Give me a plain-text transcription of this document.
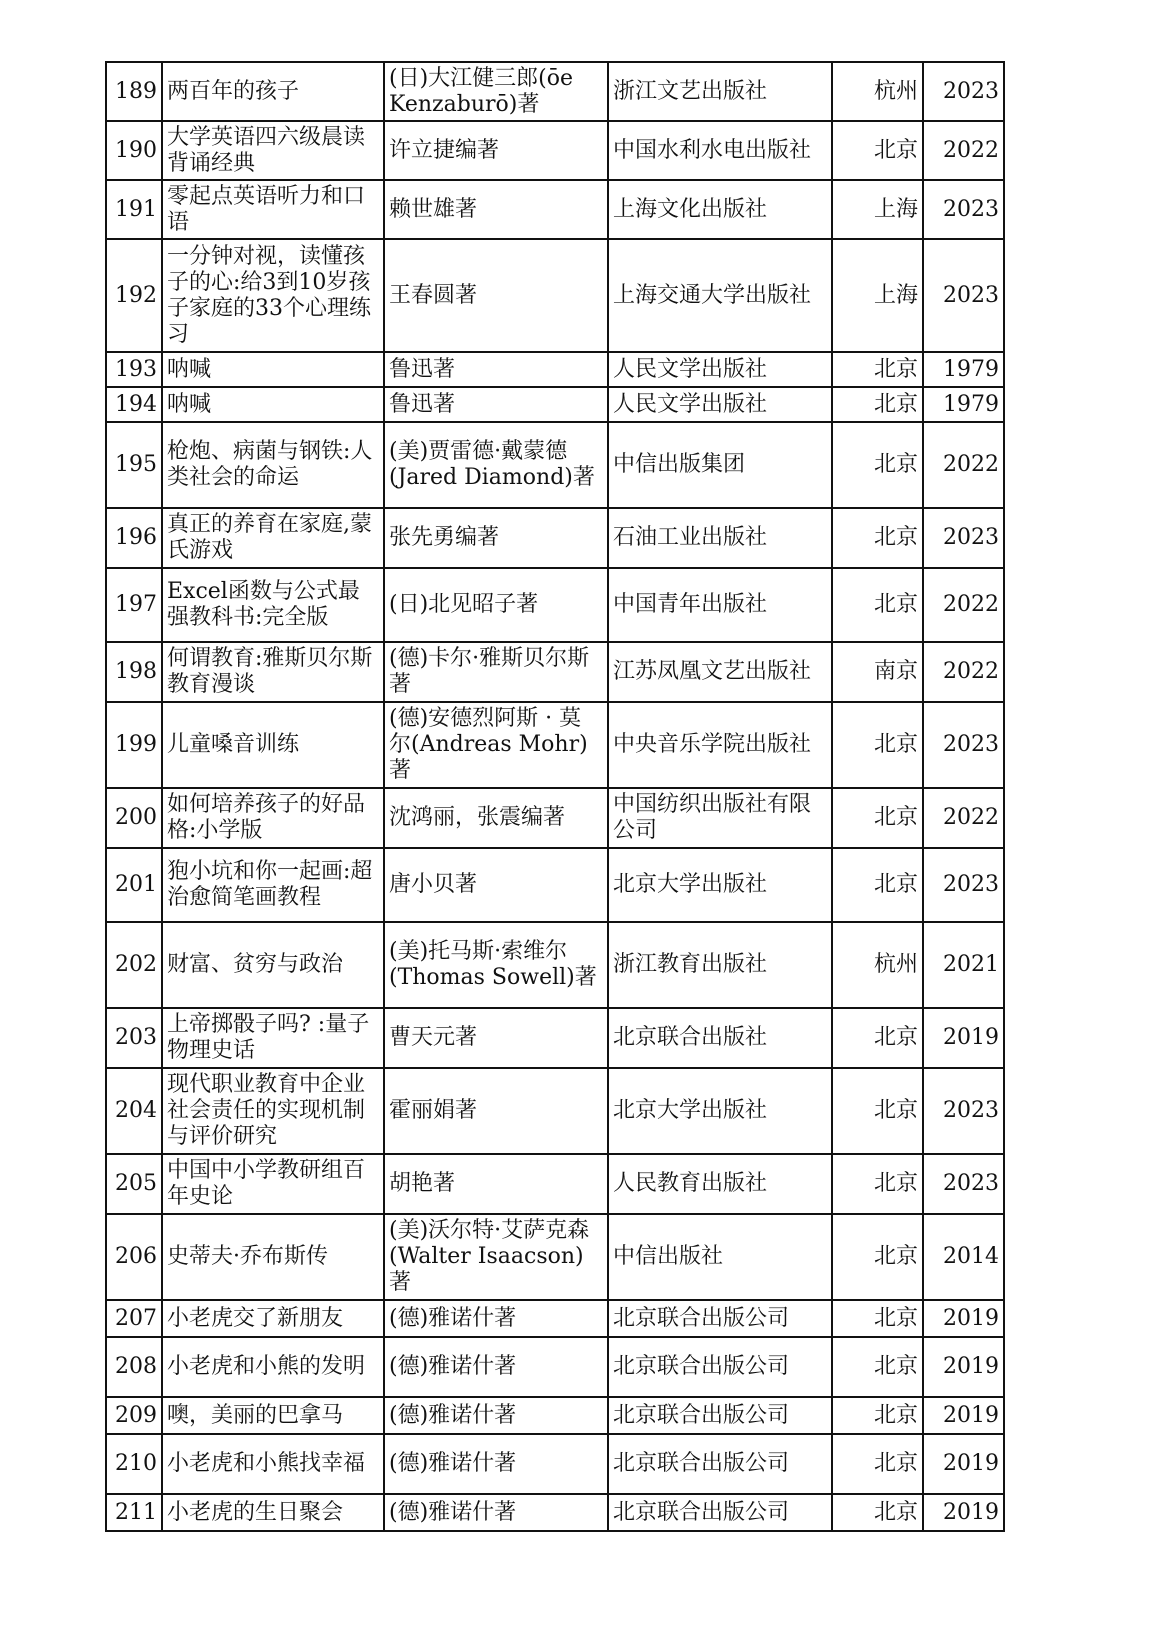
189	两百年的孩子	(日)大江健三郎(ōe Kenzaburō)著	浙江文艺出版社	杭州	2023
190	大学英语四六级晨读背诵经典	许立捷编著	中国水利水电出版社	北京	2022
191	零起点英语听力和口语	赖世雄著	上海文化出版社	上海	2023
192	一分钟对视，读懂孩子的心:给3到10岁孩子家庭的33个心理练习	王春圆著	上海交通大学出版社	上海	2023
193	呐喊	鲁迅著	人民文学出版社	北京	1979
194	呐喊	鲁迅著	人民文学出版社	北京	1979
195	枪炮、病菌与钢铁:人类社会的命运	(美)贾雷德·戴蒙德(Jared Diamond)著	中信出版集团	北京	2022
196	真正的养育在家庭,蒙氏游戏	张先勇编著	石油工业出版社	北京	2023
197	Excel函数与公式最强教科书:完全版	(日)北见昭子著	中国青年出版社	北京	2022
198	何谓教育:雅斯贝尔斯教育漫谈	(德)卡尔·雅斯贝尔斯著	江苏凤凰文艺出版社	南京	2022
199	儿童嗓音训练	(德)安德烈阿斯 · 莫尔(Andreas Mohr)著	中央音乐学院出版社	北京	2023
200	如何培养孩子的好品格:小学版	沈鸿丽，张震编著	中国纺织出版社有限公司	北京	2022
201	狍小坑和你一起画:超治愈简笔画教程	唐小贝著	北京大学出版社	北京	2023
202	财富、贫穷与政治	(美)托马斯·索维尔(Thomas Sowell)著	浙江教育出版社	杭州	2021
203	上帝掷骰子吗? :量子物理史话	曹天元著	北京联合出版社	北京	2019
204	现代职业教育中企业社会责任的实现机制与评价研究	霍丽娟著	北京大学出版社	北京	2023
205	中国中小学教研组百年史论	胡艳著	人民教育出版社	北京	2023
206	史蒂夫·乔布斯传	(美)沃尔特·艾萨克森(Walter Isaacson)著	中信出版社	北京	2014
207	小老虎交了新朋友	(德)雅诺什著	北京联合出版公司	北京	2019
208	小老虎和小熊的发明	(德)雅诺什著	北京联合出版公司	北京	2019
209	噢，美丽的巴拿马	(德)雅诺什著	北京联合出版公司	北京	2019
210	小老虎和小熊找幸福	(德)雅诺什著	北京联合出版公司	北京	2019
211	小老虎的生日聚会	(德)雅诺什著	北京联合出版公司	北京	2019
